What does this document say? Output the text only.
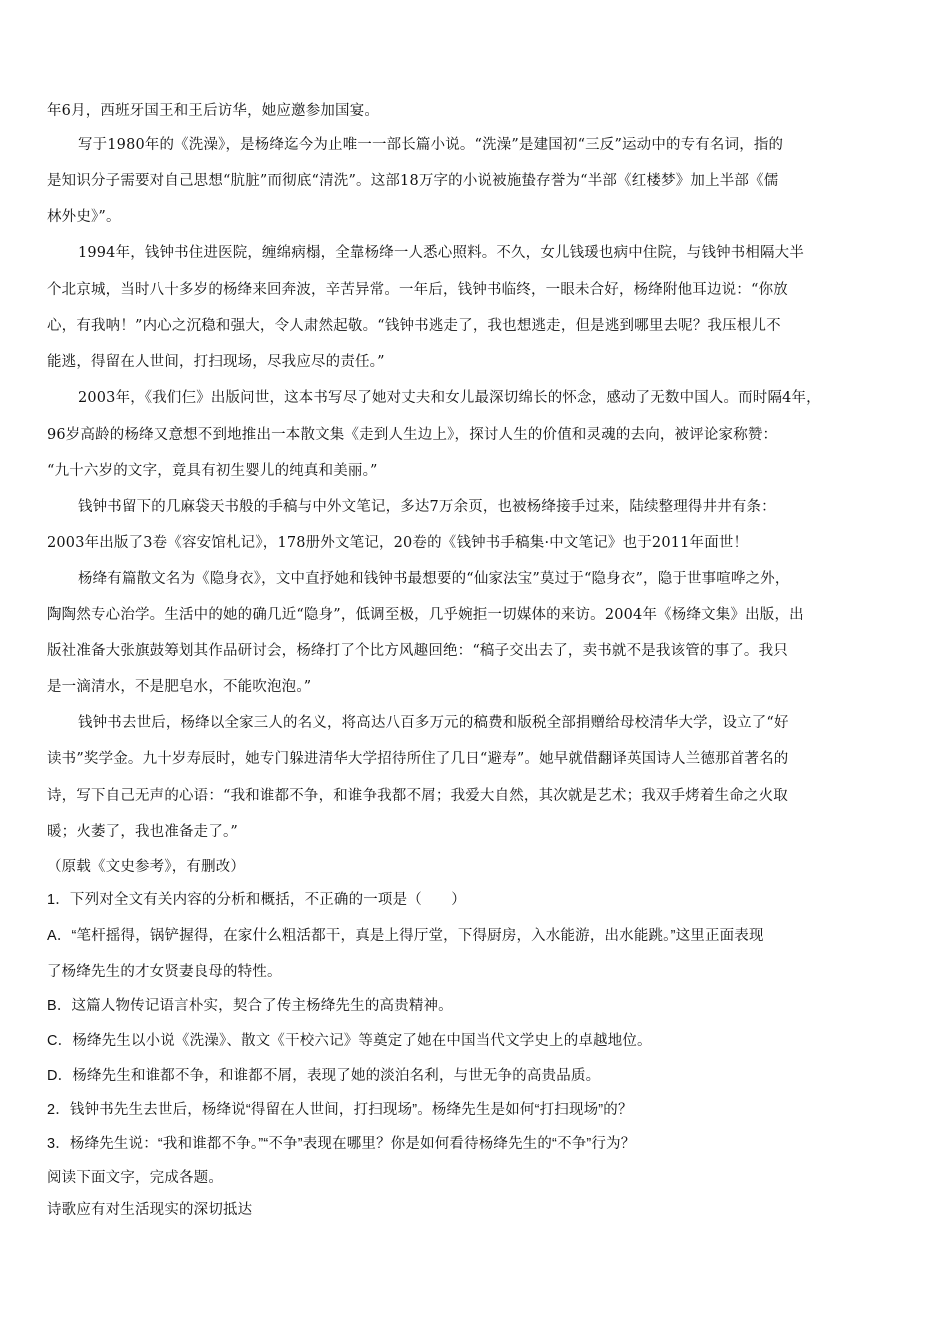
年6月，西班牙国王和王后访华，她应邀参加国宴。
写于1980年的《洗澡》，是杨绛迄今为止唯一一部长篇小说。“洗澡”是建国初“三反”运动中的专有名词，指的
是知识分子需要对自己思想“肮脏”而彻底“清洗”。这部18万字的小说被施蛰存誉为“半部《红楼梦》加上半部《儒
林外史》”。
1994年，钱钟书住进医院，缠绵病榻，全靠杨绛一人悉心照料。不久，女儿钱瑗也病中住院，与钱钟书相隔大半
个北京城，当时八十多岁的杨绛来回奔波，辛苦异常。一年后，钱钟书临终，一眼未合好，杨绛附他耳边说：“你放
心，有我呐！”内心之沉稳和强大，令人肃然起敬。“钱钟书逃走了，我也想逃走，但是逃到哪里去呢？我压根儿不
能逃，得留在人世间，打扫现场，尽我应尽的责任。”
2003年，《我们仨》出版问世，这本书写尽了她对丈夫和女儿最深切绵长的怀念，感动了无数中国人。而时隔4年，
96岁高龄的杨绛又意想不到地推出一本散文集《走到人生边上》，探讨人生的价值和灵魂的去向，被评论家称赞：
“九十六岁的文字，竟具有初生婴儿的纯真和美丽。”
钱钟书留下的几麻袋天书般的手稿与中外文笔记，多达7万余页，也被杨绛接手过来，陆续整理得井井有条：
2003年出版了3卷《容安馆札记》，178册外文笔记，20卷的《钱钟书手稿集·中文笔记》也于2011年面世！
杨绛有篇散文名为《隐身衣》，文中直抒她和钱钟书最想要的“仙家法宝”莫过于“隐身衣”，隐于世事喧哗之外，
陶陶然专心治学。生活中的她的确几近“隐身”，低调至极，几乎婉拒一切媒体的来访。2004年《杨绛文集》出版，出
版社准备大张旗鼓筹划其作品研讨会，杨绛打了个比方风趣回绝：“稿子交出去了，卖书就不是我该管的事了。我只
是一滴清水，不是肥皂水，不能吹泡泡。”
钱钟书去世后，杨绛以全家三人的名义，将高达八百多万元的稿费和版税全部捐赠给母校清华大学，设立了“好
读书”奖学金。九十岁寿辰时，她专门躲进清华大学招待所住了几日“避寿”。她早就借翻译英国诗人兰德那首著名的
诗，写下自己无声的心语：“我和谁都不争，和谁争我都不屑；我爱大自然，其次就是艺术；我双手烤着生命之火取
暖；火萎了，我也准备走了。”
（原载《文史参考》，有删改）
1．下列对全文有关内容的分析和概括，不正确的一项是（　　）
A．“笔杆摇得，锅铲握得，在家什么粗活都干，真是上得厅堂，下得厨房，入水能游，出水能跳。”这里正面表现
了杨绛先生的才女贤妻良母的特性。
B．这篇人物传记语言朴实，契合了传主杨绛先生的高贵精神。
C．杨绛先生以小说《洗澡》、散文《干校六记》等奠定了她在中国当代文学史上的卓越地位。
D．杨绛先生和谁都不争，和谁都不屑，表现了她的淡泊名利，与世无争的高贵品质。
2．钱钟书先生去世后，杨绛说“得留在人世间，打扫现场”。杨绛先生是如何“打扫现场”的？
3．杨绛先生说：“我和谁都不争。”“不争”表现在哪里？你是如何看待杨绛先生的“不争”行为？
阅读下面文字，完成各题。
诗歌应有对生活现实的深切抵达
